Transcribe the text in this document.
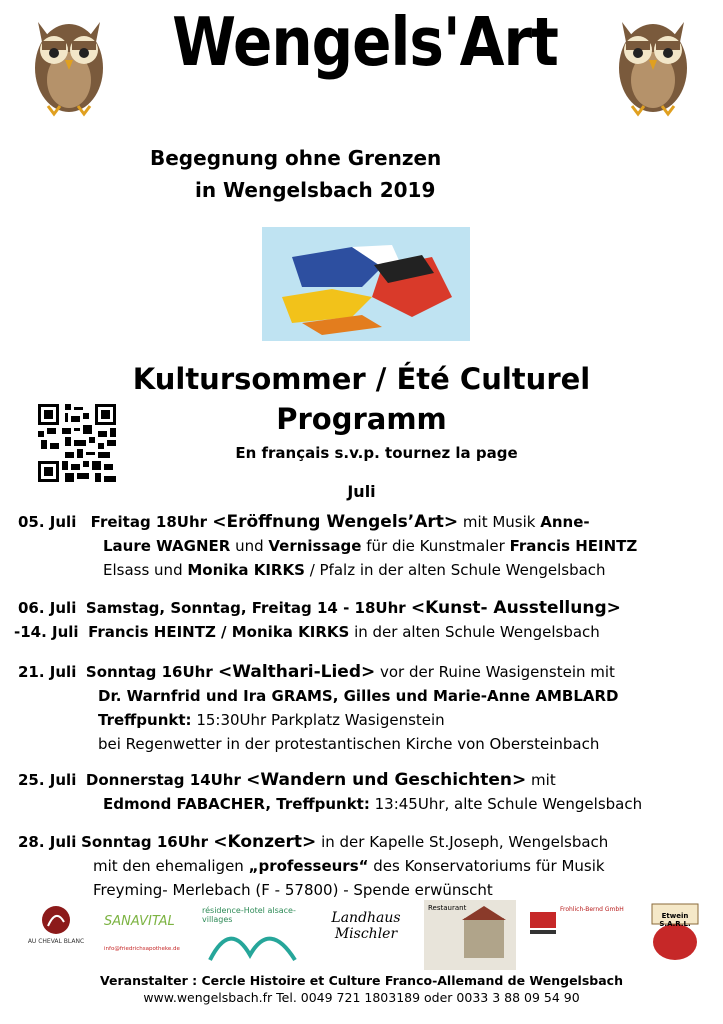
Wengels'Art
Begegnung ohne Grenzen
in Wengelsbach 2019
Kultursommer / Été Culturel
Programm
En français s.v.p. tournez la page
Juli
05. Juli Freitag 18Uhr <Eröffnung Wengels’Art> mit Musik Anne-
Laure WAGNER und Vernissage für die Kunstmaler Francis HEINTZ
Elsass und Monika KIRKS / Pfalz in der alten Schule Wengelsbach
06. Juli Samstag, Sonntag, Freitag 14 - 18Uhr <Kunst- Ausstellung>
-14. Juli Francis HEINTZ / Monika KIRKS in der alten Schule Wengelsbach
21. Juli Sonntag 16Uhr <Walthari-Lied> vor der Ruine Wasigenstein mit
Dr. Warnfrid und Ira GRAMS, Gilles und Marie-Anne AMBLARD
Treffpunkt: 15:30Uhr Parkplatz Wasigenstein
bei Regenwetter in der protestantischen Kirche von Obersteinbach
25. Juli Donnerstag 14Uhr <Wandern und Geschichten> mit
Edmond FABACHER, Treffpunkt: 13:45Uhr, alte Schule Wengelsbach
28. Juli Sonntag 16Uhr <Konzert> in der Kapelle St.Joseph, Wengelsbach
mit den ehemaligen „professeurs“ des Konservatoriums für Musik
Freyming- Merlebach (F - 57800) - Spende erwünscht
AU CHEVAL BLANC
SANAVITAL
info@friedrichsapotheke.de
résidence-Hotel alsace-villages	Landhaus Mischler
Restaurant	Frohlich-Bernd GmbH
Etwein S.A.R.L.
Veranstalter : Cercle Histoire et Culture Franco-Allemand de Wengelsbach
www.wengelsbach.fr Tel. 0049 721 1803189 oder 0033 3 88 09 54 90
